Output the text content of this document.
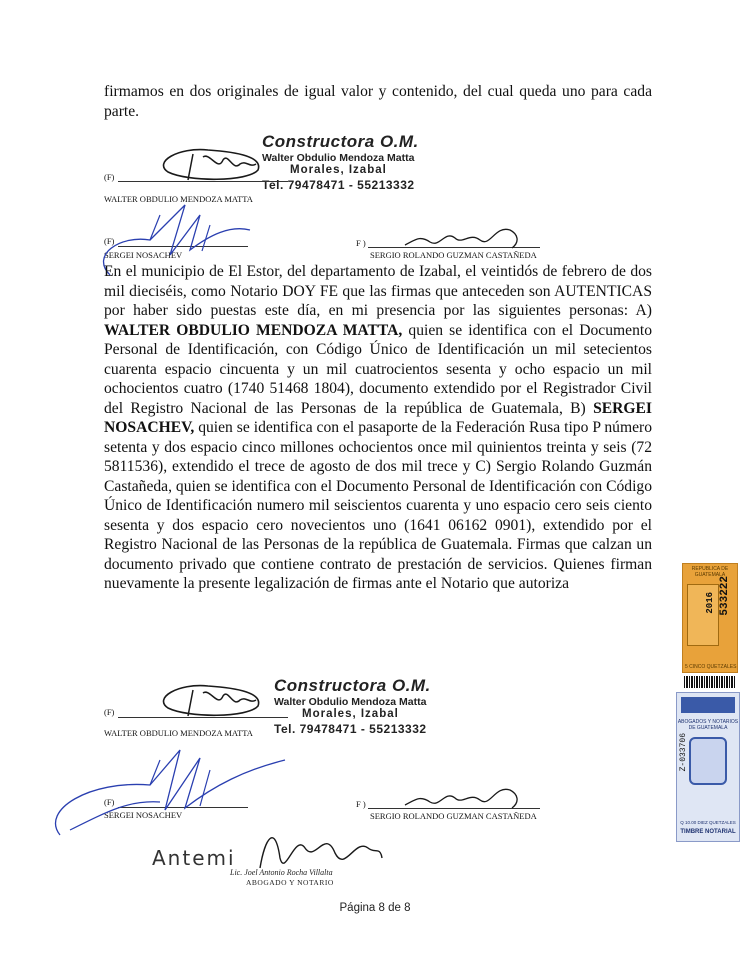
firmamos en dos originales de igual valor y contenido, del cual queda uno para cada parte.

Constructora O.M.
Walter Obdulio Mendoza Matta
Morales, Izabal
Tel. 79478471 - 55213332
(F)
WALTER OBDULIO MENDOZA MATTA
(F)
SERGEI NOSACHEV
F )
SERGIO ROLANDO GUZMAN CASTAÑEDA

En el municipio de El Estor, del departamento de Izabal, el veintidós de febrero de dos mil dieciséis, como Notario DOY FE que las firmas que anteceden son AUTENTICAS por haber sido puestas este día, en mi presencia por las siguientes personas: A) WALTER OBDULIO MENDOZA MATTA, quien se identifica con el Documento Personal de Identificación, con Código Único de Identificación un mil setecientos cuarenta espacio cincuenta y un mil cuatrocientos sesenta y ocho espacio un mil ochocientos cuatro (1740 51468 1804), documento extendido por el Registrador Civil del Registro Nacional de las Personas de la república de Guatemala, B) SERGEI NOSACHEV, quien se identifica con el pasaporte de la Federación Rusa tipo P número setenta y dos espacio cinco millones ochocientos once mil quinientos treinta y seis (72 5811536), extendido el trece de agosto de dos mil trece y C) Sergio Rolando Guzmán Castañeda, quien se identifica con el Documento Personal de Identificación con Código Único de Identificación numero mil seiscientos cuarenta y uno espacio cero seis ciento sesenta y dos espacio cero novecientos uno (1641 06162 0901), extendido por el Registro Nacional de las Personas de la república de Guatemala. Firmas que calzan un documento privado que contiene contrato de prestación de servicios. Quienes firman nuevamente la presente legalización de firmas ante el Notario que autoriza

Constructora O.M.
Walter Obdulio Mendoza Matta
Morales, Izabal
Tel. 79478471 - 55213332
(F)
WALTER OBDULIO MENDOZA MATTA
(F)
SERGEI NOSACHEV
F )
SERGIO ROLANDO GUZMAN CASTAÑEDA
Antemi
Lic. Joel Antonio Rocha Villalta
ABOGADO Y NOTARIO
REPUBLICA DE GUATEMALA
533222
2016
5 CINCO QUETZALES
ABOGADOS Y NOTARIOS DE GUATEMALA
Z-033706
Q 10.00 DIEZ QUETZALES
TIMBRE NOTARIAL
Página 8 de 8
